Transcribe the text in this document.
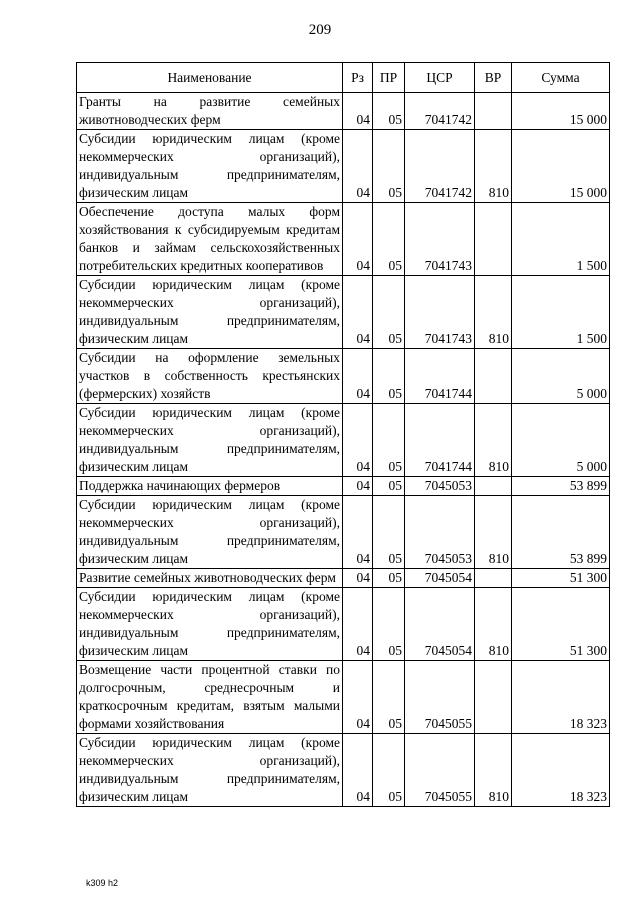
209
Наименование	Рз	ПР	ЦСР	ВР	Сумма
Гранты на развитие семейных животноводческих ферм	04	05	7041742		15 000
Субсидии юридическим лицам (кроме некоммерческих организаций), индивидуальным предпринимателям, физическим лицам	04	05	7041742	810	15 000
Обеспечение доступа малых форм хозяйствования к субсидируемым кредитам банков и займам сельскохозяйственных потребительских кредитных кооперативов	04	05	7041743		1 500
Субсидии юридическим лицам (кроме некоммерческих организаций), индивидуальным предпринимателям, физическим лицам	04	05	7041743	810	1 500
Субсидии на оформление земельных участков в собственность крестьянских (фермерских) хозяйств	04	05	7041744		5 000
Субсидии юридическим лицам (кроме некоммерческих организаций), индивидуальным предпринимателям, физическим лицам	04	05	7041744	810	5 000
Поддержка начинающих фермеров	04	05	7045053		53 899
Субсидии юридическим лицам (кроме некоммерческих организаций), индивидуальным предпринимателям, физическим лицам	04	05	7045053	810	53 899
Развитие семейных животноводческих ферм	04	05	7045054		51 300
Субсидии юридическим лицам (кроме некоммерческих организаций), индивидуальным предпринимателям, физическим лицам	04	05	7045054	810	51 300
Возмещение части процентной ставки по долгосрочным, среднесрочным и краткосрочным кредитам, взятым малыми формами хозяйствования	04	05	7045055		18 323
Субсидии юридическим лицам (кроме некоммерческих организаций), индивидуальным предпринимателям, физическим лицам	04	05	7045055	810	18 323
k309 h2
